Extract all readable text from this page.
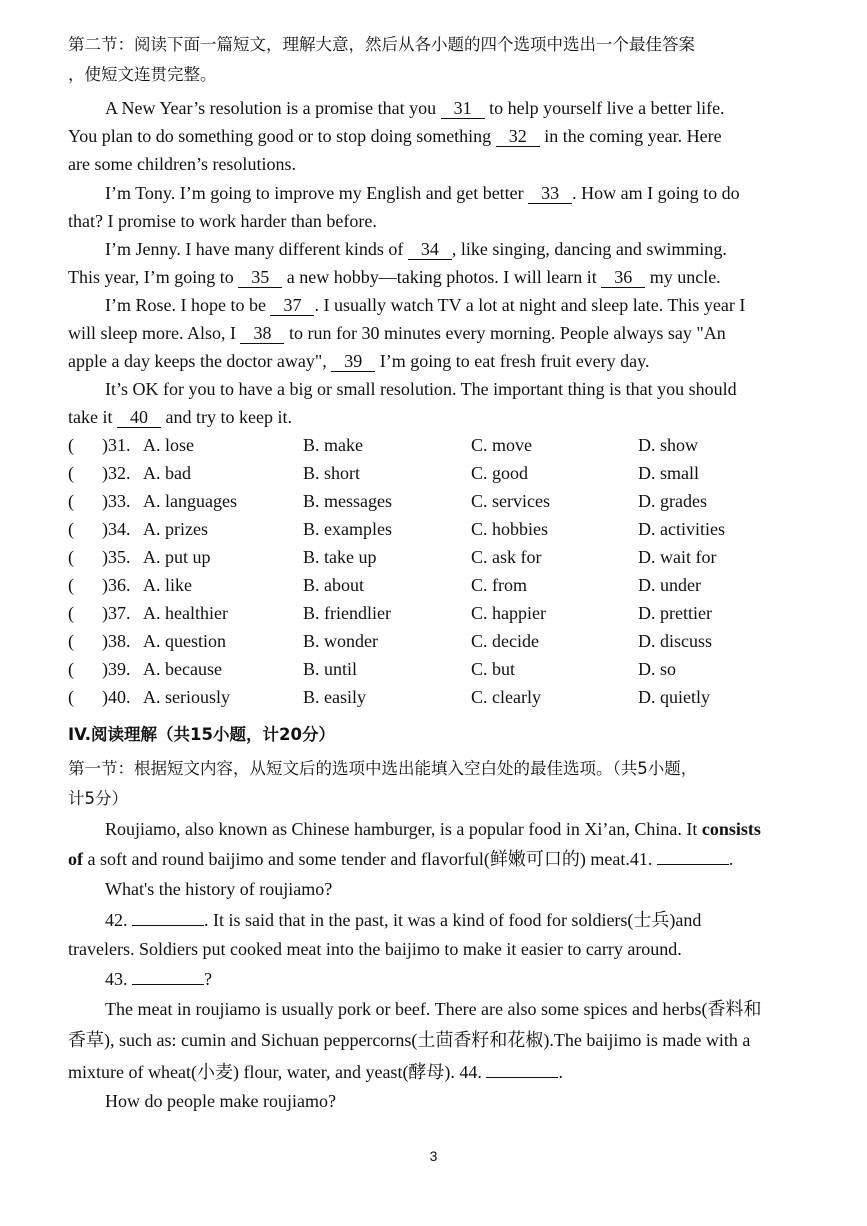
第二节：阅读下面一篇短文，理解大意，然后从各小题的四个选项中选出一个最佳答案
，使短文连贯完整。
A New Year’s resolution is a promise that you 31 to help yourself live a better life.
You plan to do something good or to stop doing something 32 in the coming year. Here
are some children’s resolutions.
I’m Tony. I’m going to improve my English and get better 33 . How am I going to do
that? I promise to work harder than before.
I’m Jenny. I have many different kinds of 34 , like singing, dancing and swimming.
This year, I’m going to 35 a new hobby—taking photos. I will learn it 36 my uncle.
I’m Rose. I hope to be 37 . I usually watch TV a lot at night and sleep late. This year I
will sleep more. Also, I 38 to run for 30 minutes every morning. People always say "An
apple a day keeps the doctor away", 39 I’m going to eat fresh fruit every day.
It’s OK for you to have a big or small resolution. The important thing is that you should
take it 40 and try to keep it.
( )31. A. lose	B. make	C. move	D. show
( )32. A. bad	B. short	C. good	D. small
( )33. A. languages	B. messages	C. services	D. grades
( )34. A. prizes	B. examples	C. hobbies	D. activities
( )35. A. put up	B. take up	C. ask for	D. wait for
( )36. A. like	B. about	C. from	D. under
( )37. A. healthier	B. friendlier	C. happier	D. prettier
( )38. A. question	B. wonder	C. decide	D. discuss
( )39. A. because	B. until	C. but	D. so
( )40. A. seriously	B. easily	C. clearly	D. quietly
IV.阅读理解（共15小题，计20分）
第一节：根据短文内容，从短文后的选项中选出能填入空白处的最佳选项。（共5小题，
计5分）
Roujiamo, also known as Chinese hamburger, is a popular food in Xi’an, China. It consists
of a soft and round baijimo and some tender and flavorful(鲜嫩可口的) meat.41.	.
What's the history of roujiamo?
42.	. It is said that in the past, it was a kind of food for soldiers(士兵)and
travelers. Soldiers put cooked meat into the baijimo to make it easier to carry around.
43.	?
The meat in roujiamo is usually pork or beef. There are also some spices and herbs(香料和
香草), such as: cumin and Sichuan peppercorns(土茴香籽和花椒).The baijimo is made with a
mixture of wheat(小麦) flour, water, and yeast(酵母). 44.	.
How do people make roujiamo?
3
